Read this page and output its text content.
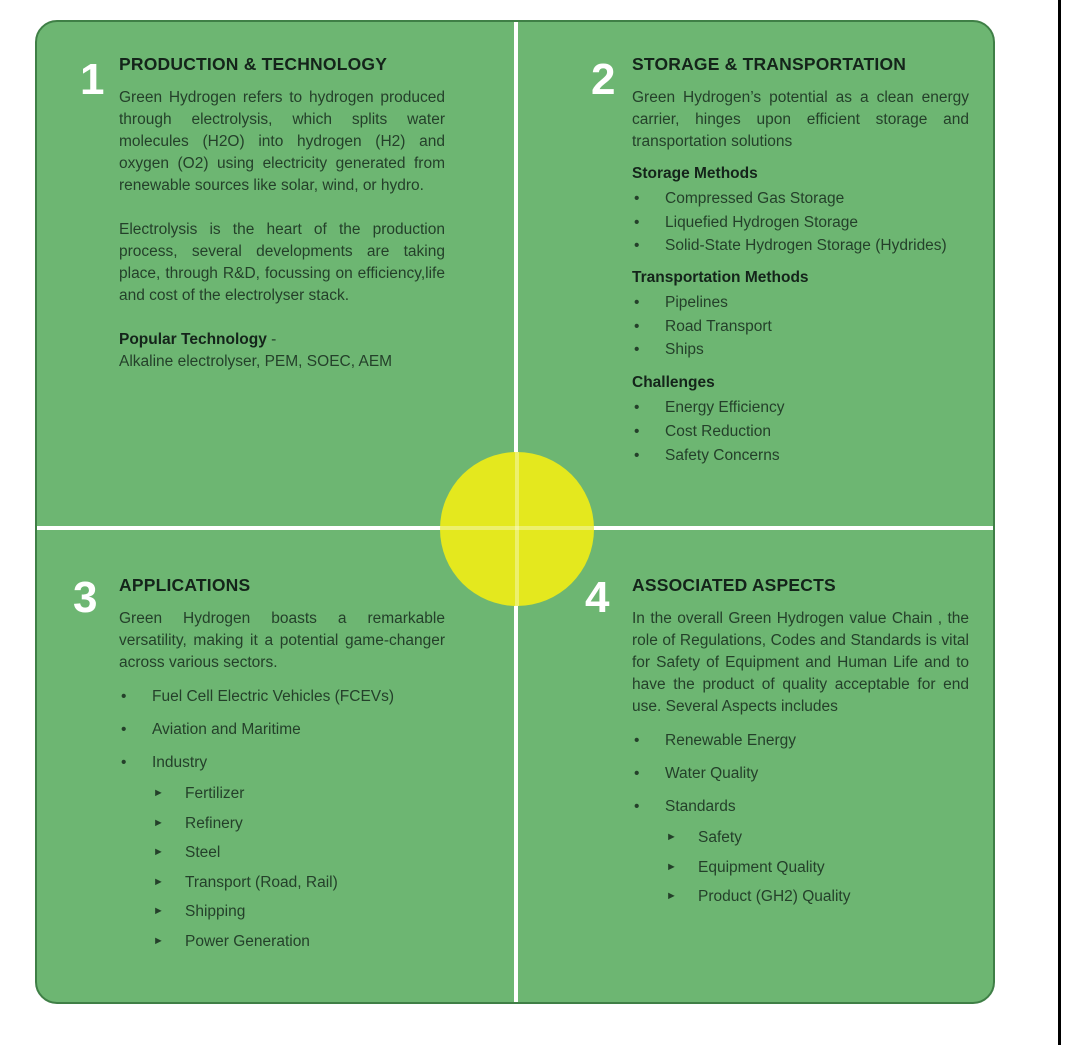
1 PRODUCTION & TECHNOLOGY

Green Hydrogen refers to hydrogen produced through electrolysis, which splits water molecules (H2O) into hydrogen (H2) and oxygen (O2) using electricity generated from renewable sources like solar, wind, or hydro.

Electrolysis is the heart of the production process, several developments are taking place, through R&D, focussing on efficiency,life and cost of the electrolyser stack.

Popular Technology -
Alkaline electrolyser, PEM, SOEC, AEM
2 STORAGE & TRANSPORTATION

Green Hydrogen’s potential as a clean energy carrier, hinges upon efficient storage and transportation solutions

Storage Methods
• Compressed Gas Storage
• Liquefied Hydrogen Storage
• Solid-State Hydrogen Storage (Hydrides)
Transportation Methods
• Pipelines
• Road Transport
• Ships
Challenges
• Energy Efficiency
• Cost Reduction
• Safety Concerns
3 APPLICATIONS

Green Hydrogen boasts a remarkable versatility, making it a potential game-changer across various sectors.

• Fuel Cell Electric Vehicles (FCEVs)
• Aviation and Maritime
• Industry
► Fertilizer
► Refinery
► Steel
► Transport (Road, Rail)
► Shipping
► Power Generation
4 ASSOCIATED ASPECTS

In the overall Green Hydrogen value Chain , the role of Regulations, Codes and Standards is vital for Safety of Equipment and Human Life and to have the product of quality acceptable for end use. Several Aspects includes

• Renewable Energy
• Water Quality
• Standards
► Safety
► Equipment Quality
► Product (GH2) Quality
